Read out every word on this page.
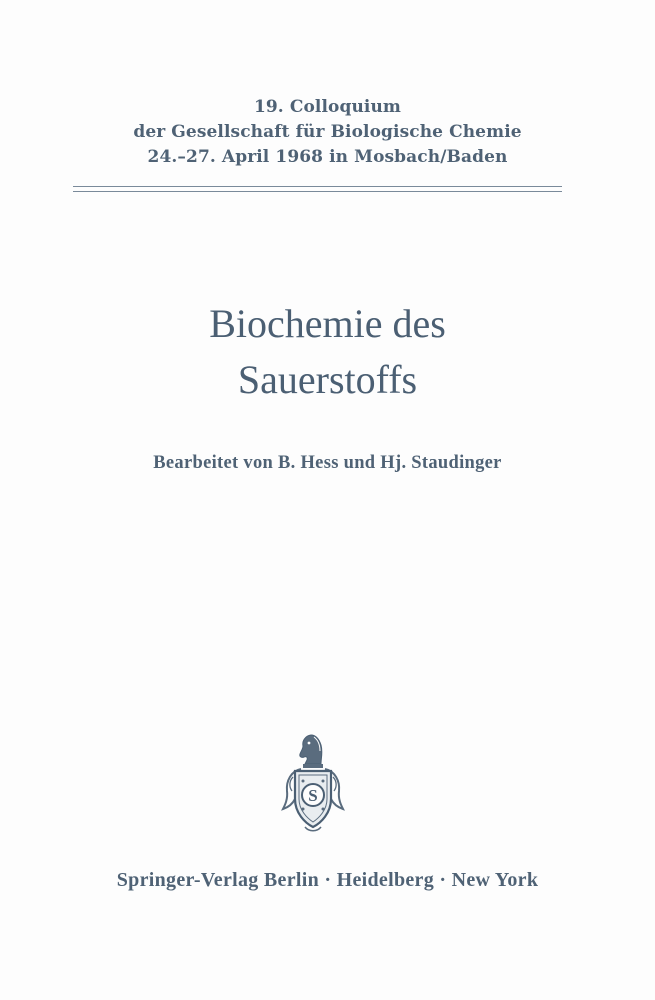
19. Colloquium
der Gesellschaft für Biologische Chemie
24.–27. April 1968 in Mosbach/Baden
Biochemie des
Sauerstoffs
Bearbeitet von B. Hess und Hj. Staudinger
S
Springer-Verlag Berlin · Heidelberg · New York
